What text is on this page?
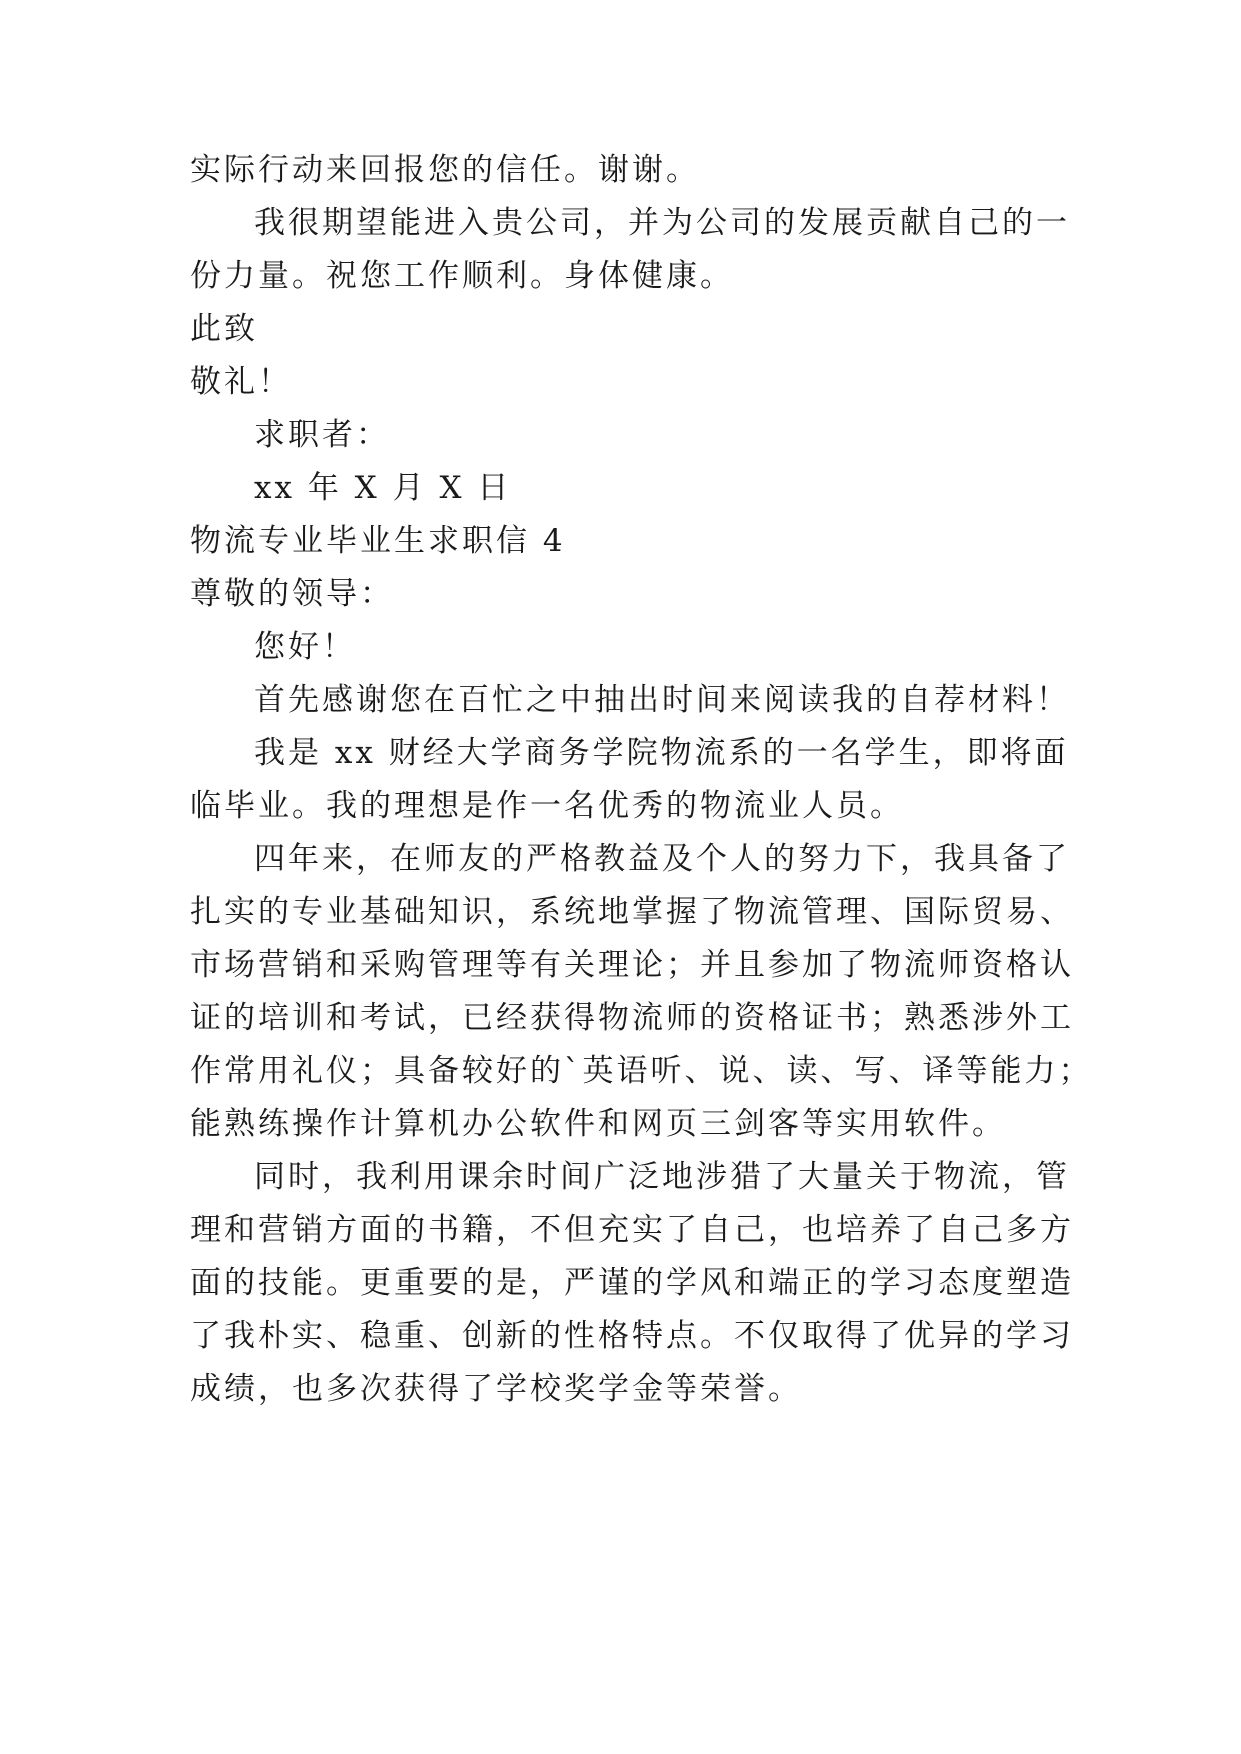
实际行动来回报您的信任。谢谢。

我很期望能进入贵公司，并为公司的发展贡献自己的一

份力量。祝您工作顺利。身体健康。

此致

敬礼！

求职者：

xx 年 X 月 X 日

物流专业毕业生求职信 4

尊敬的领导：

您好！

首先感谢您在百忙之中抽出时间来阅读我的自荐材料！

我是 xx 财经大学商务学院物流系的一名学生，即将面

临毕业。我的理想是作一名优秀的物流业人员。

四年来，在师友的严格教益及个人的努力下，我具备了

扎实的专业基础知识，系统地掌握了物流管理、国际贸易、

市场营销和采购管理等有关理论；并且参加了物流师资格认

证的培训和考试，已经获得物流师的资格证书；熟悉涉外工

作常用礼仪；具备较好的`英语听、说、读、写、译等能力；

能熟练操作计算机办公软件和网页三剑客等实用软件。

同时，我利用课余时间广泛地涉猎了大量关于物流，管

理和营销方面的书籍，不但充实了自己，也培养了自己多方

面的技能。更重要的是，严谨的学风和端正的学习态度塑造

了我朴实、稳重、创新的性格特点。不仅取得了优异的学习

成绩，也多次获得了学校奖学金等荣誉。
